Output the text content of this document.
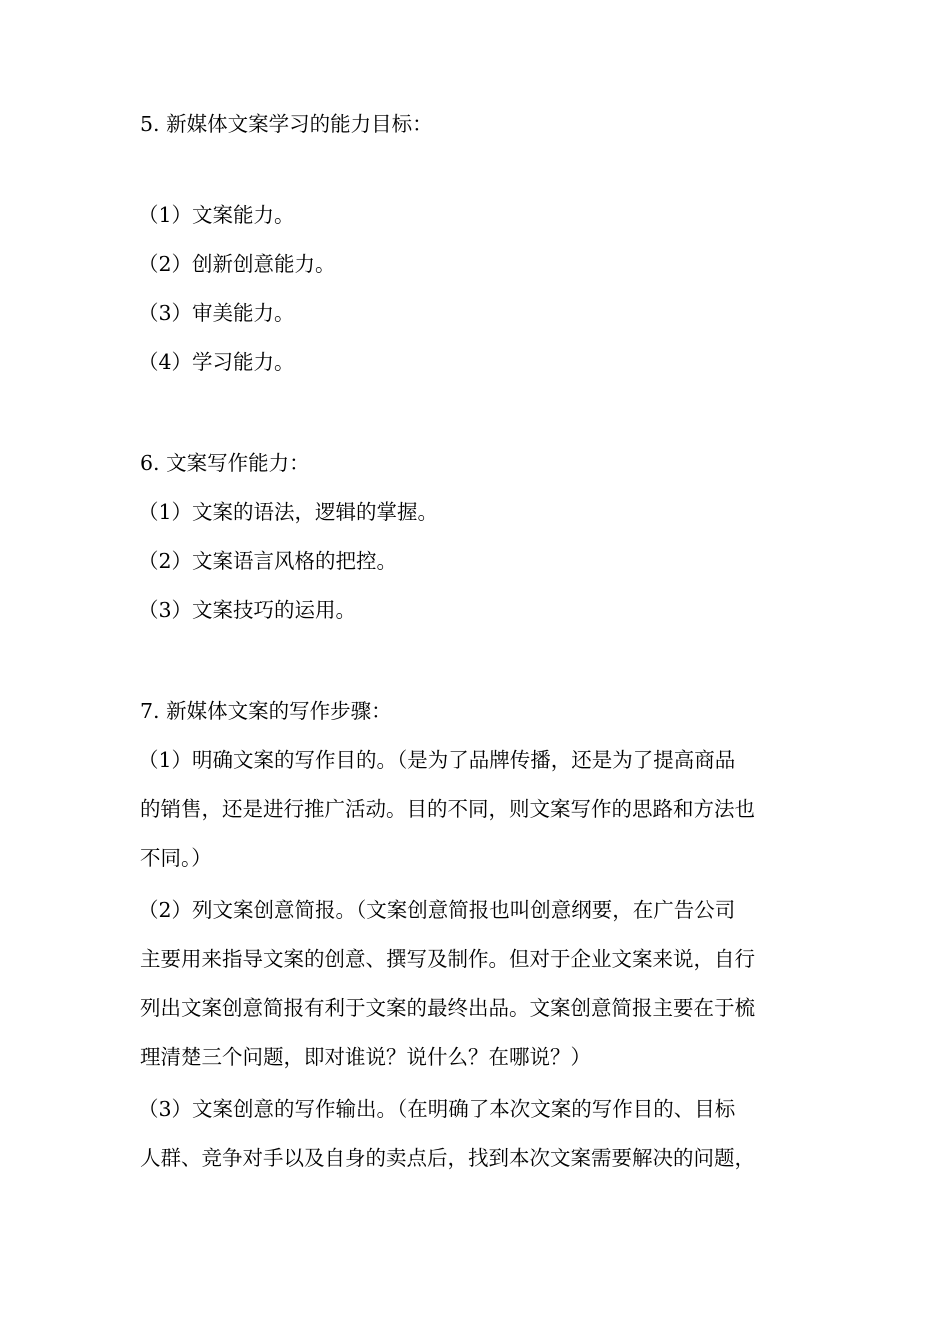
5. 新媒体文案学习的能力目标：
（1）文案能力。
（2）创新创意能力。
（3）审美能力。
（4）学习能力。
6. 文案写作能力：
（1）文案的语法，逻辑的掌握。
（2）文案语言风格的把控。
（3）文案技巧的运用。
7. 新媒体文案的写作步骤：
（1）明确文案的写作目的。（是为了品牌传播，还是为了提高商品
的销售，还是进行推广活动。目的不同，则文案写作的思路和方法也
不同。）
（2）列文案创意简报。（文案创意简报也叫创意纲要，在广告公司
主要用来指导文案的创意、撰写及制作。但对于企业文案来说，自行
列出文案创意简报有利于文案的最终出品。文案创意简报主要在于梳
理清楚三个问题，即对谁说？说什么？在哪说？）
（3）文案创意的写作输出。（在明确了本次文案的写作目的、目标
人群、竞争对手以及自身的卖点后，找到本次文案需要解决的问题，
